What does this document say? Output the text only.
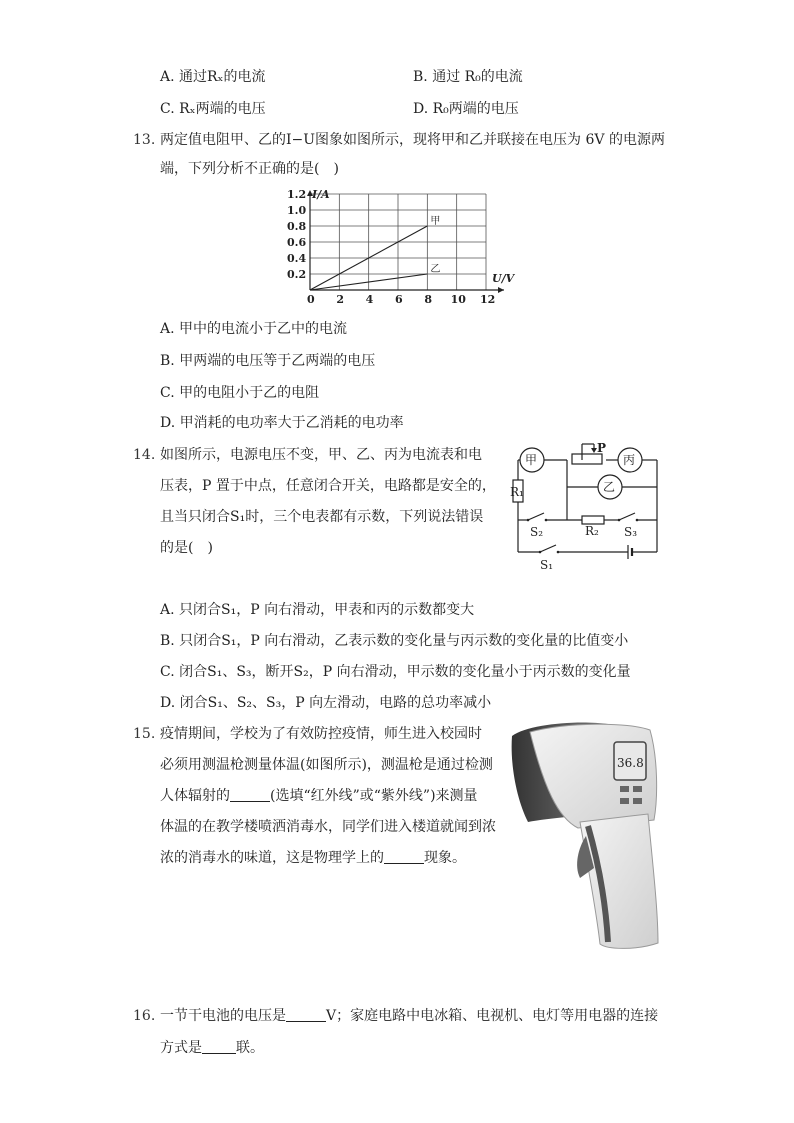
A. 通过Rₓ的电流	B. 通过 R₀的电流
C. Rₓ两端的电压	D. R₀两端的电压
13. 两定值电阻甲、乙的I−U图象如图所示，现将甲和乙并联接在电压为 6V 的电源两
端，下列分析不正确的是(　)
0 2 4 6 8 10 12
0.2
0.4
0.6
0.8
1.0
1.2 I/A
U/V
甲
乙
A. 甲中的电流小于乙中的电流
B. 甲两端的电压等于乙两端的电压
C. 甲的电阻小于乙的电阻
D. 甲消耗的电功率大于乙消耗的电功率
14. 如图所示，电源电压不变，甲、乙、丙为电流表和电
压表，P 置于中点，任意闭合开关，电路都是安全的，
且当只闭合S₁时，三个电表都有示数，下列说法错误
的是(　)
甲	丙
乙
P
R₁
R₂
S₂	S₃
S₁
A. 只闭合S₁，P 向右滑动，甲表和丙的示数都变大
B. 只闭合S₁，P 向右滑动，乙表示数的变化量与丙示数的变化量的比值变小
C. 闭合S₁、S₃，断开S₂，P 向右滑动，甲示数的变化量小于丙示数的变化量
D. 闭合S₁、S₂、S₃，P 向左滑动，电路的总功率减小
15. 疫情期间，学校为了有效防控疫情，师生进入校园时
必须用测温枪测量体温(如图所示)，测温枪是通过检测
人体辐射的	(选填“红外线”或“紫外线”)来测量
体温的在教学楼喷洒消毒水，同学们进入楼道就闻到浓
浓的消毒水的味道，这是物理学上的	现象。
36.8
16. 一节干电池的电压是	V；家庭电路中电冰箱、电视机、电灯等用电器的连接
方式是 联。
